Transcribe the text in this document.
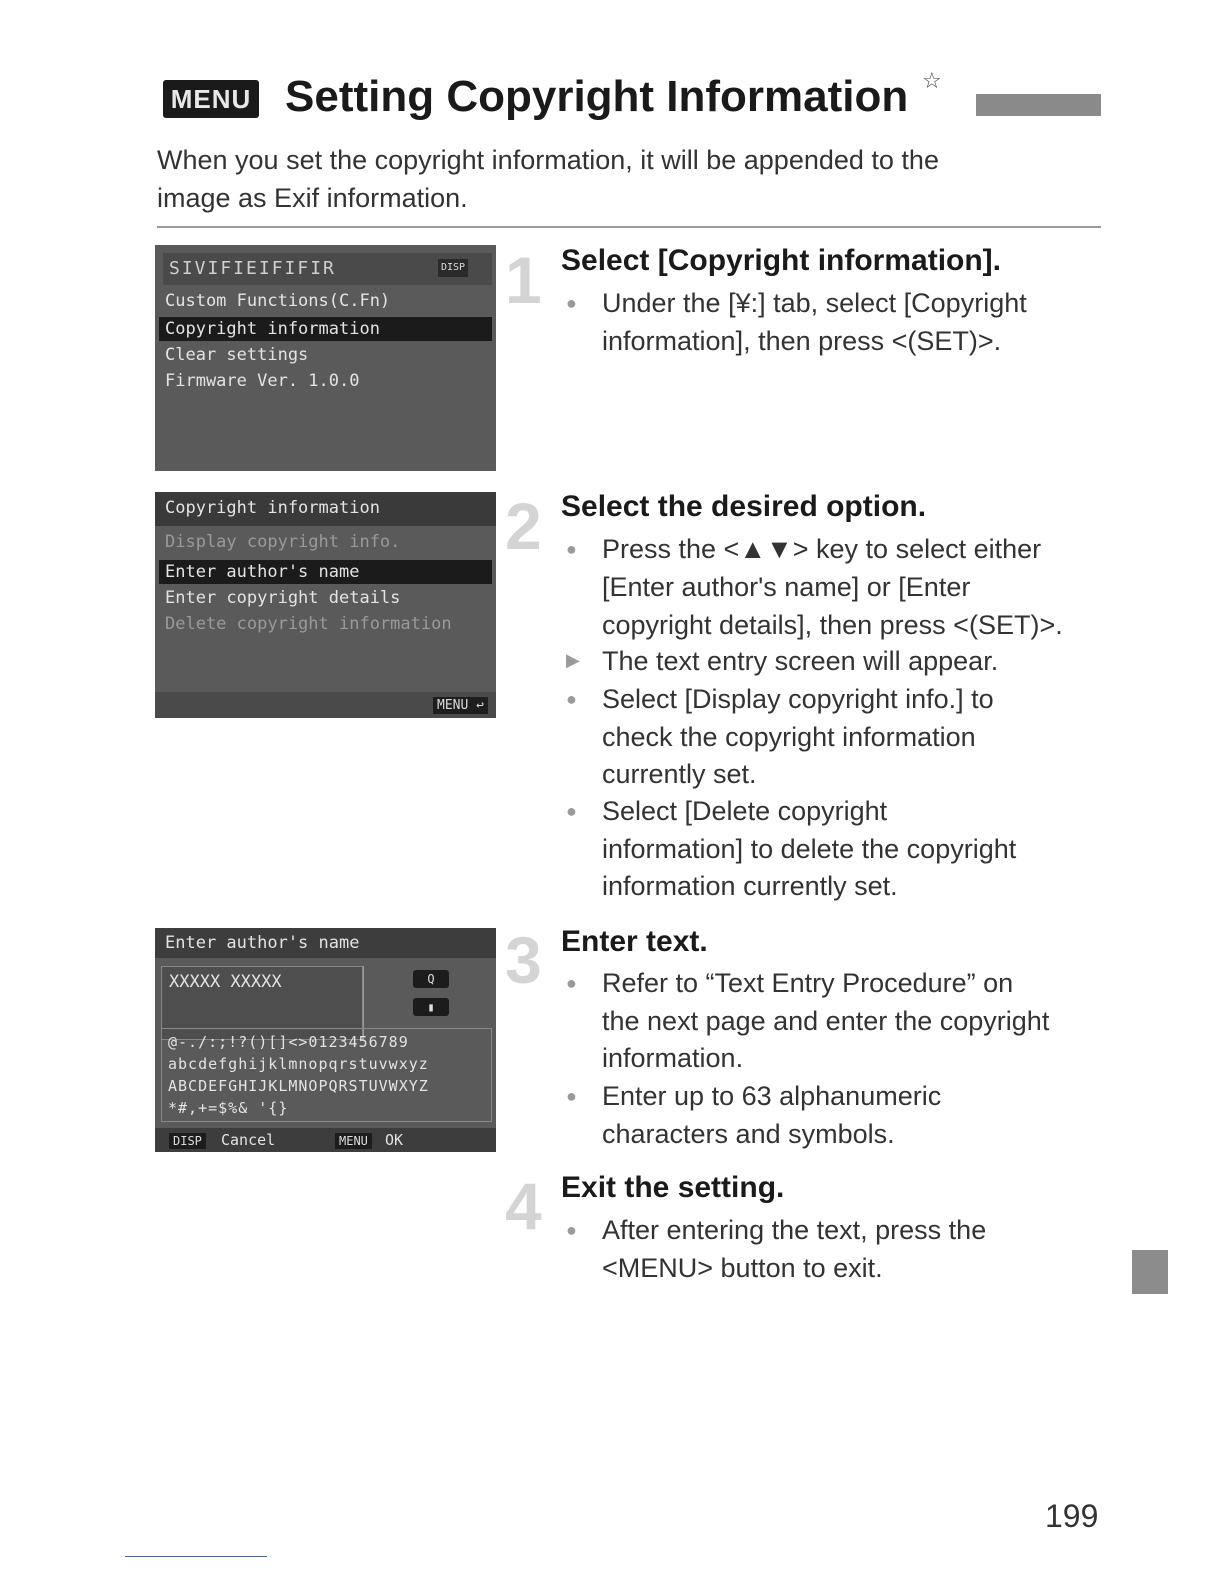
MENU Setting Copyright Information ☆
When you set the copyright information, it will be appended to the
image as Exif information.
SIVIFIEIFIFIR	DISP
Custom Functions(C.Fn)
Copyright information
Clear settings
Firmware Ver. 1.0.0
Copyright information
Display copyright info.
Enter author's name
Enter copyright details
Delete copyright information
MENU ↩
Enter author's name
XXXXX XXXXX	Q
▮
@-./:;!?()[]<>0123456789
abcdefghijklmnopqrstuvwxyz
ABCDEFGHIJKLMNOPQRSTUVWXYZ
*#,+=$%& '{}
DISP Cancel	MENU OK
1 Select [Copyright information].
● Under the [¥:] tab, select [Copyright
information], then press <(SET)>.
2 Select the desired option.
● Press the <▲▼> key to select either
[Enter author's name] or [Enter
copyright details], then press <(SET)>.
▶ The text entry screen will appear.
● Select [Display copyright info.] to
check the copyright information
currently set.
● Select [Delete copyright
information] to delete the copyright
information currently set.
3 Enter text.
● Refer to “Text Entry Procedure” on
the next page and enter the copyright
information.
● Enter up to 63 alphanumeric
characters and symbols.
4 Exit the setting.
● After entering the text, press the
<MENU> button to exit.
199
